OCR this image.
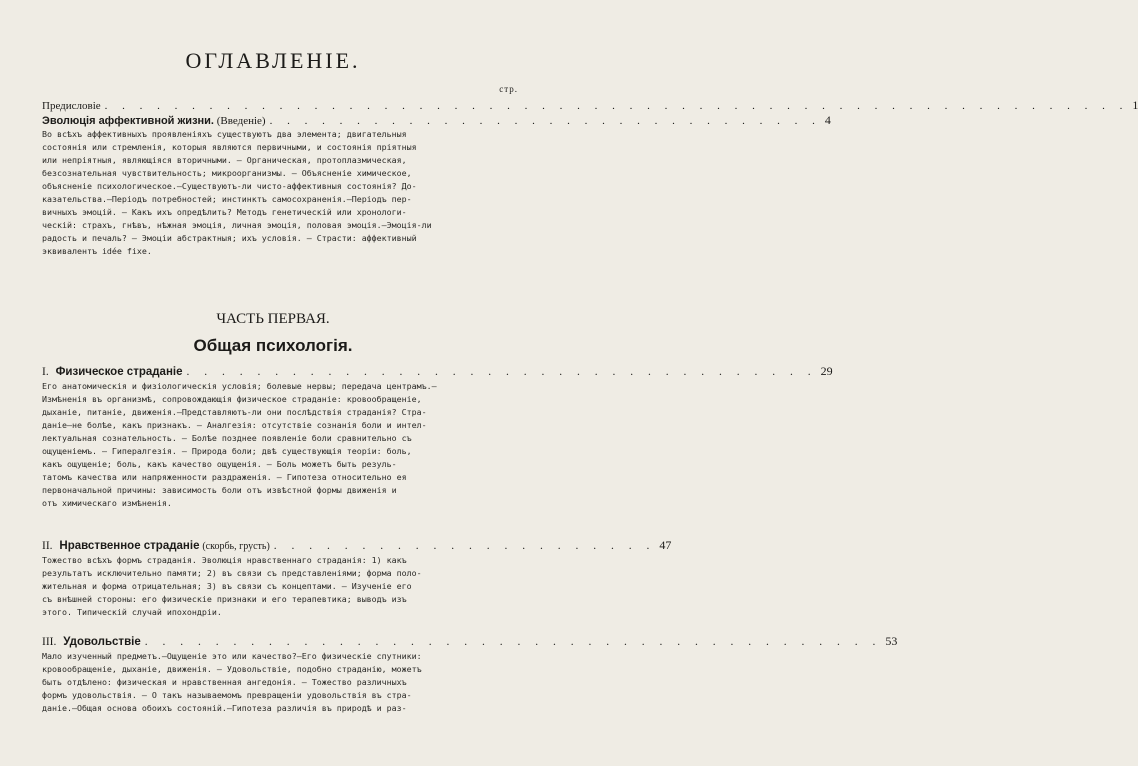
ОГЛАВЛЕНІЕ.
стр.
Предисловіе . . . . . . . . . . . . . . . . . . . . . . . . . . . . . . . . . . . . . . . . . . . . . . . . . . . . . . . . . . . 1
Эволюція аффективной жизни. (Введеніе) . . . . . . . . . . . . . . . . . . . . . . . . . . . . . . . . 4

Во всѣхъ аффективныхъ проявленіяхъ существуютъ два элемента; двигательныя

состоянія или стремленія, которыя являются первичными, и состоянія пріятныя

или непріятныя, являющіяся вторичными. — Органическая, протоплазмическая,

безсознательная чувствительность; микроорганизмы. — Объясненіе химическое,

объясненіе психологическое.—Существуютъ-ли чисто-аффективныя состоянія? До-

казательства.—Періодъ потребностей; инстинктъ самосохраненія.—Періодъ пер-

вичныхъ эмоцій. — Какъ ихъ опредѣлить? Методъ генетическій или хронологи-

ческій: страхъ, гнѣвъ, нѣжная эмоція, личная эмоція, половая эмоція.—Эмоція-ли

радость и печаль? — Эмоціи абстрактныя; ихъ условія. — Страсти: аффективный

эквивалентъ idée fixe.

ЧАСТЬ ПЕРВАЯ.
Общая психологія.
I. Физическое страданіе . . . . . . . . . . . . . . . . . . . . . . . . . . . . . . . . . . . . 29

Его анатомическія и физіологическія условія; болевые нервы; передача центрамъ.—

Измѣненія въ организмѣ, сопровождающія физическое страданіе: кровообращеніе,

дыханіе, питаніе, движенія.—Представляютъ-ли они послѣдствія страданія? Стра-

даніе—не болѣе, какъ признакъ. — Аналгезія: отсутствіе сознанія боли и интел-

лектуальная сознательность. — Болѣе позднее появленіе боли сравнительно съ

ощущеніемъ. — Гипералгезія. — Природа боли; двѣ существующія теоріи: боль,

какъ ощущеніе; боль, какъ качество ощущенія. — Боль можетъ быть резуль-

татомъ качества или напряженности раздраженія. — Гипотеза относительно ея

первоначальной причины: зависимость боли отъ извѣстной формы движенія и

отъ химическаго измѣненія.

II. Нравственное страданіе (скорбь, грусть) . . . . . . . . . . . . . . . . . . . . . . 47

Тожество всѣхъ формъ страданія. Эволюція нравственнаго страданія: 1) какъ

результатъ исключительно памяти; 2) въ связи съ представленіями; форма поло-

жительная и форма отрицательная; 3) въ связи съ концептами. — Изученіе его

съ внѣшней стороны: его физическіе признаки и его терапевтика; выводъ изъ

этого. Типическій случай ипохондріи.

III. Удовольствіе . . . . . . . . . . . . . . . . . . . . . . . . . . . . . . . . . . . . . . . . . . 53

Мало изученный предметъ.—Ощущеніе это или качество?—Его физическіе спутники:

кровообращеніе, дыханіе, движенія. — Удовольствіе, подобно страданію, можетъ

быть отдѣлено: физическая и нравственная ангедонія. — Тожество различныхъ

формъ удовольствія. — О такъ называемомъ превращеніи удовольствія въ стра-

даніе.—Общая основа обоихъ состояній.—Гипотеза различія въ природѣ и раз-
